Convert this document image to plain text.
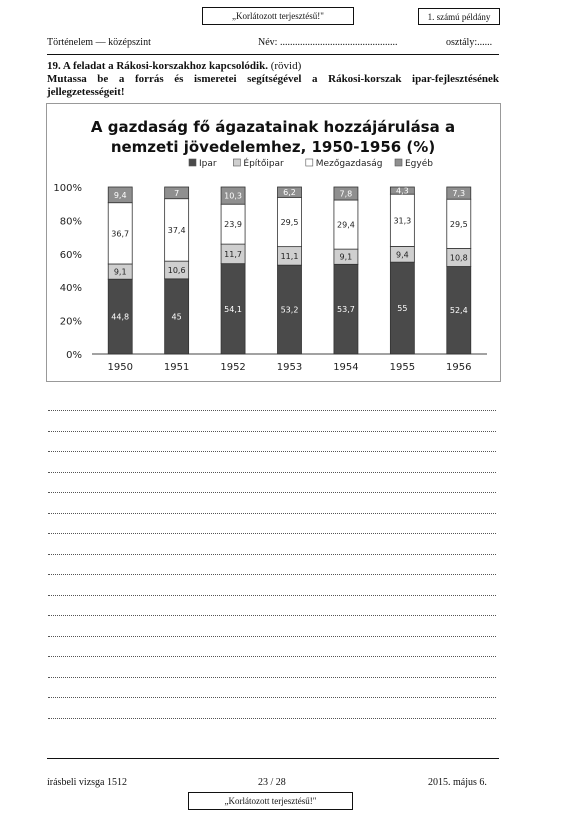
„Korlátozott terjesztésű!"	1. számú példány
Történelem — középszint	Név: ...............................................	osztály:......
19. A feladat a Rákosi-korszakhoz kapcsolódik. (rövid)
Mutassa be a forrás és ismeretei segítségével a Rákosi-korszak ipar-fejlesztésének jellegzetességeit!
A gazdaság fő ágazatainak hozzájárulása a
nemzeti jövedelemhez, 1950-1956 (%)
Ipar	Építőipar	Mezőgazdaság	Egyéb
0%
20%
40%
60%
80%
100%
44,8
9,1
36,7
9,4
1950
45
10,6
37,4
7
1951
54,1
11,7
23,9
10,3
1952
53,2
11,1
29,5
6,2
1953
53,7
9,1
29,4
7,8
1954
55
9,4
31,3
4,3
1955
52,4
10,8
29,5
7,3
1956
írásbeli vizsga 1512	23 / 28	2015. május 6.
„Korlátozott terjesztésű!"
